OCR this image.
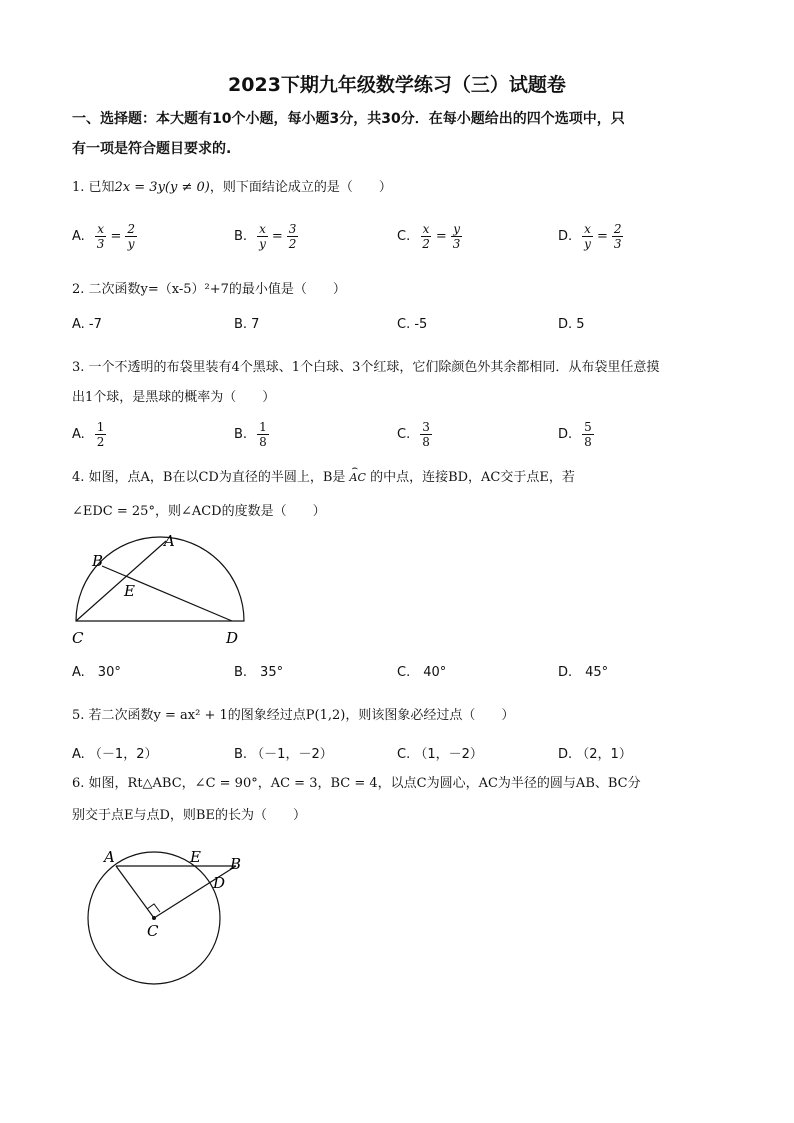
2023下期九年级数学练习（三）试题卷
一、选择题：本大题有10个小题，每小题3分，共30分．在每小题给出的四个选项中，只
有一项是符合题目要求的.
1. 已知2x = 3y(y ≠ 0)，则下面结论成立的是（　　）
A. $\frac{x}{3} = \frac{2}{y}$	B. $\frac{x}{y} = \frac{3}{2}$	C. $\frac{x}{2} = \frac{y}{3}$	D. $\frac{x}{y} = \frac{2}{3}$
2. 二次函数y=（x-5）²+7的最小值是（　　）
A. -7	B. 7	C. -5	D. 5
3. 一个不透明的布袋里装有4个黑球、1个白球、3个红球，它们除颜色外其余都相同．从布袋里任意摸
出1个球，是黑球的概率为（　　）
A. $\frac{1}{2}$	B. $\frac{1}{8}$	C. $\frac{3}{8}$	D. $\frac{5}{8}$
4. 如图，点A，B在以CD为直径的半圆上，B是 ⌢ AC 的中点，连接BD，AC交于点E，若
∠EDC = 25°，则∠ACD的度数是（　　）
A
B
E
C	D
A.　30°	B.　35°	C.　40°	D.　45°
5. 若二次函数y = ax² + 1的图象经过点P(1,2)，则该图象必经过点（　　）
A. （－1，2）	B. （－1，－2）	C. （1，－2）	D. （2，1）
6. 如图，Rt△ABC，∠C = 90°，AC = 3，BC = 4，以点C为圆心，AC为半径的圆与AB、BC分
别交于点E与点D，则BE的长为（　　）
A	E B
D
C
